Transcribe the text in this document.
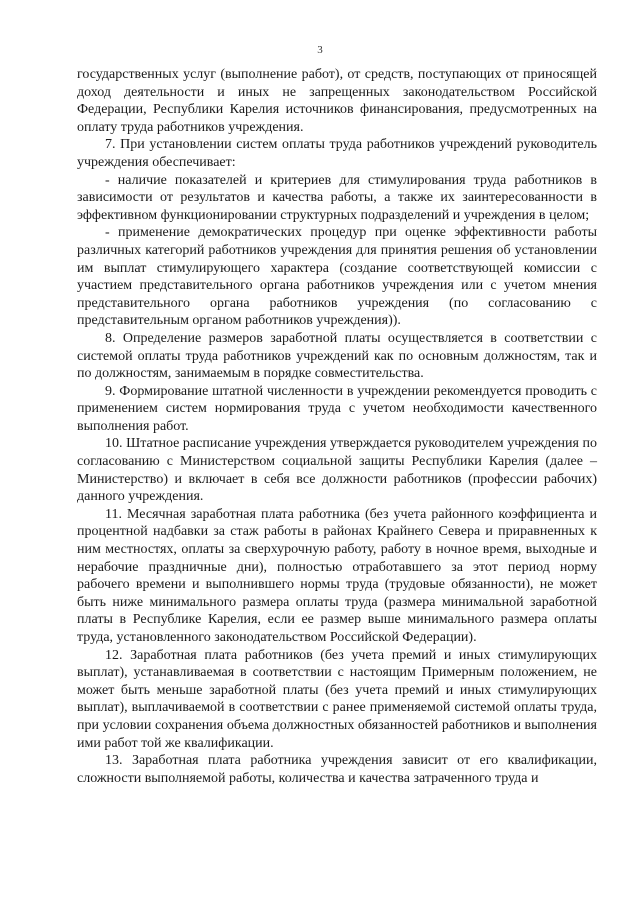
3

государственных услуг (выполнение работ), от средств, поступающих от приносящей доход деятельности и иных не запрещенных законодательством Российской Федерации, Республики Карелия источников финансирования, предусмотренных на оплату труда работников учреждения.

7. При установлении систем оплаты труда работников учреждений руководитель учреждения обеспечивает:

- наличие показателей и критериев для стимулирования труда работников в зависимости от результатов и качества работы, а также их заинтересованности в эффективном функционировании структурных подразделений и учреждения в целом;

- применение демократических процедур при оценке эффективности работы различных категорий работников учреждения для принятия решения об установлении им выплат стимулирующего характера (создание соответствующей комиссии с участием представительного органа работников учреждения или с учетом мнения представительного органа работников учреждения (по согласованию с представительным органом работников учреждения)).

8. Определение размеров заработной платы осуществляется в соответствии с системой оплаты труда работников учреждений как по основным должностям, так и по должностям, занимаемым в порядке совместительства.

9. Формирование штатной численности в учреждении рекомендуется проводить с применением систем нормирования труда с учетом необходимости качественного выполнения работ.

10. Штатное расписание учреждения утверждается руководителем учреждения по согласованию с Министерством социальной защиты Республики Карелия (далее – Министерство) и включает в себя все должности работников (профессии рабочих) данного учреждения.

11. Месячная заработная плата работника (без учета районного коэффициента и процентной надбавки за стаж работы в районах Крайнего Севера и приравненных к ним местностях, оплаты за сверхурочную работу, работу в ночное время, выходные и нерабочие праздничные дни), полностью отработавшего за этот период норму рабочего времени и выполнившего нормы труда (трудовые обязанности), не может быть ниже минимального размера оплаты труда (размера минимальной заработной платы в Республике Карелия, если ее размер выше минимального размера оплаты труда, установленного законодательством Российской Федерации).

12. Заработная плата работников (без учета премий и иных стимулирующих выплат), устанавливаемая в соответствии с настоящим Примерным положением, не может быть меньше заработной платы (без учета премий и иных стимулирующих выплат), выплачиваемой в соответствии с ранее применяемой системой оплаты труда, при условии сохранения объема должностных обязанностей работников и выполнения ими работ той же квалификации.

13. Заработная плата работника учреждения зависит от его квалификации, сложности выполняемой работы, количества и качества затраченного труда и
